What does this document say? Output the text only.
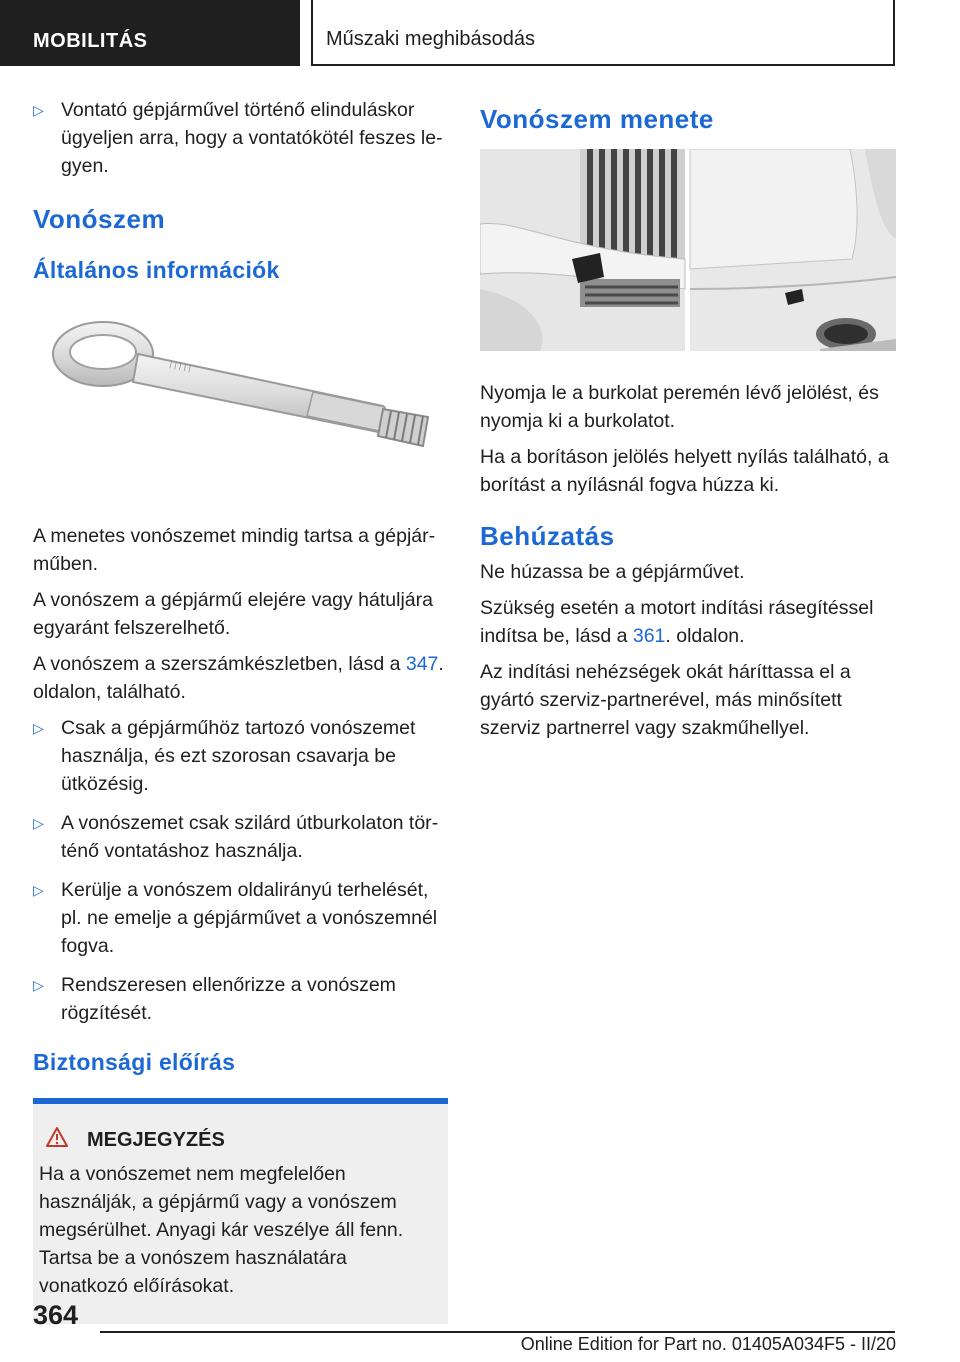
MOBILITÁS	Műszaki meghibásodás
▷ Vontató gépjárművel történő elinduláskor ügyeljen arra, hogy a vontatókötél feszes legyen.
Vonószem
Általános információk
|||||

A menetes vonószemet mindig tartsa a gépjárműben.

A vonószem a gépjármű elejére vagy hátuljára egyaránt felszerelhető.

A vonószem a szerszámkészletben, lásd a 347. oldalon, található.

▷ Csak a gépjárműhöz tartozó vonószemet használja, és ezt szorosan csavarja be ütközésig.
▷ A vonószemet csak szilárd útburkolaton történő vontatáshoz használja.
▷ Kerülje a vonószem oldalirányú terhelését, pl. ne emelje a gépjárművet a vonószemnél fogva.
▷ Rendszeresen ellenőrizze a vonószem rögzítését.
Biztonsági előírás
MEGJEGYZÉS

Ha a vonószemet nem megfelelően használják, a gépjármű vagy a vonószem megsérülhet. Anyagi kár veszélye áll fenn. Tartsa be a vonószem használatára vonatkozó előírásokat.

Vonószem menete

Nyomja le a burkolat peremén lévő jelölést, és nyomja ki a burkolatot.

Ha a borításon jelölés helyett nyílás található, a borítást a nyílásnál fogva húzza ki.

Behúzatás

Ne húzassa be a gépjárművet.

Szükség esetén a motort indítási rásegítéssel indítsa be, lásd a 361. oldalon.

Az indítási nehézségek okát háríttassa el a gyártó szerviz-partnerével, más minősített szerviz partnerrel vagy szakműhellyel.

364
Online Edition for Part no. 01405A034F5 - II/20
